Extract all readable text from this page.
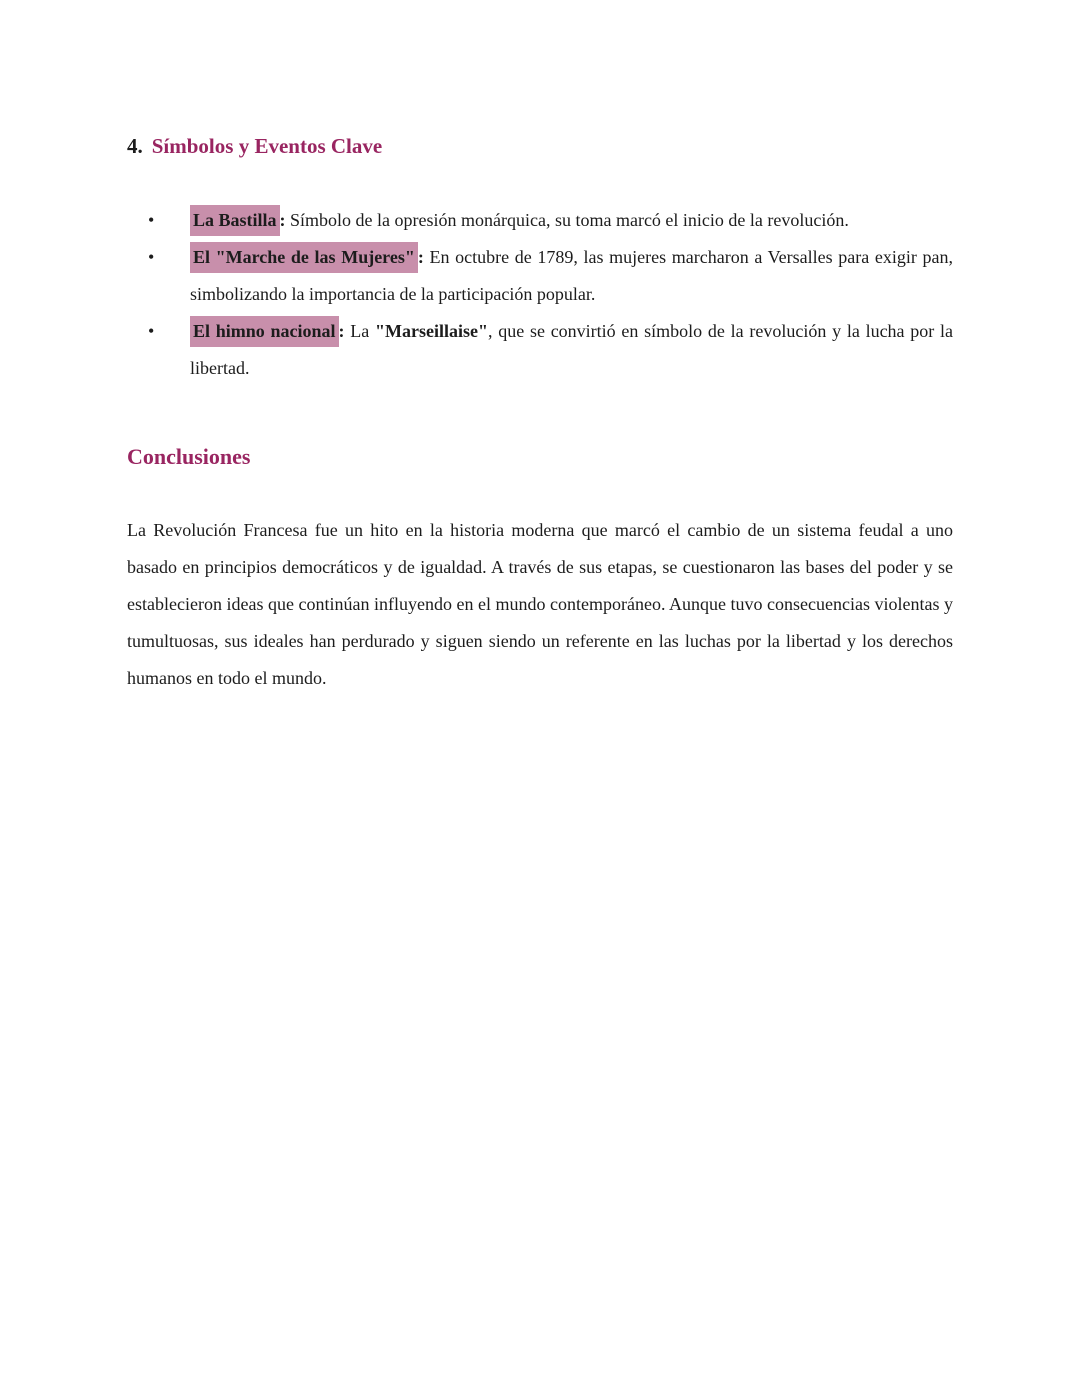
4. Símbolos y Eventos Clave
• La Bastilla : Símbolo de la opresión monárquica, su toma marcó el inicio de la revolución.
• El "Marche de las Mujeres" : En octubre de 1789, las mujeres marcharon a Versalles para exigir pan, simbolizando la importancia de la participación popular.
• El himno nacional : La "Marseillaise", que se convirtió en símbolo de la revolución y la lucha por la libertad.
Conclusiones

La Revolución Francesa fue un hito en la historia moderna que marcó el cambio de un sistema feudal a uno basado en principios democráticos y de igualdad. A través de sus etapas, se cuestionaron las bases del poder y se establecieron ideas que continúan influyendo en el mundo contemporáneo. Aunque tuvo consecuencias violentas y tumultuosas, sus ideales han perdurado y siguen siendo un referente en las luchas por la libertad y los derechos humanos en todo el mundo.
